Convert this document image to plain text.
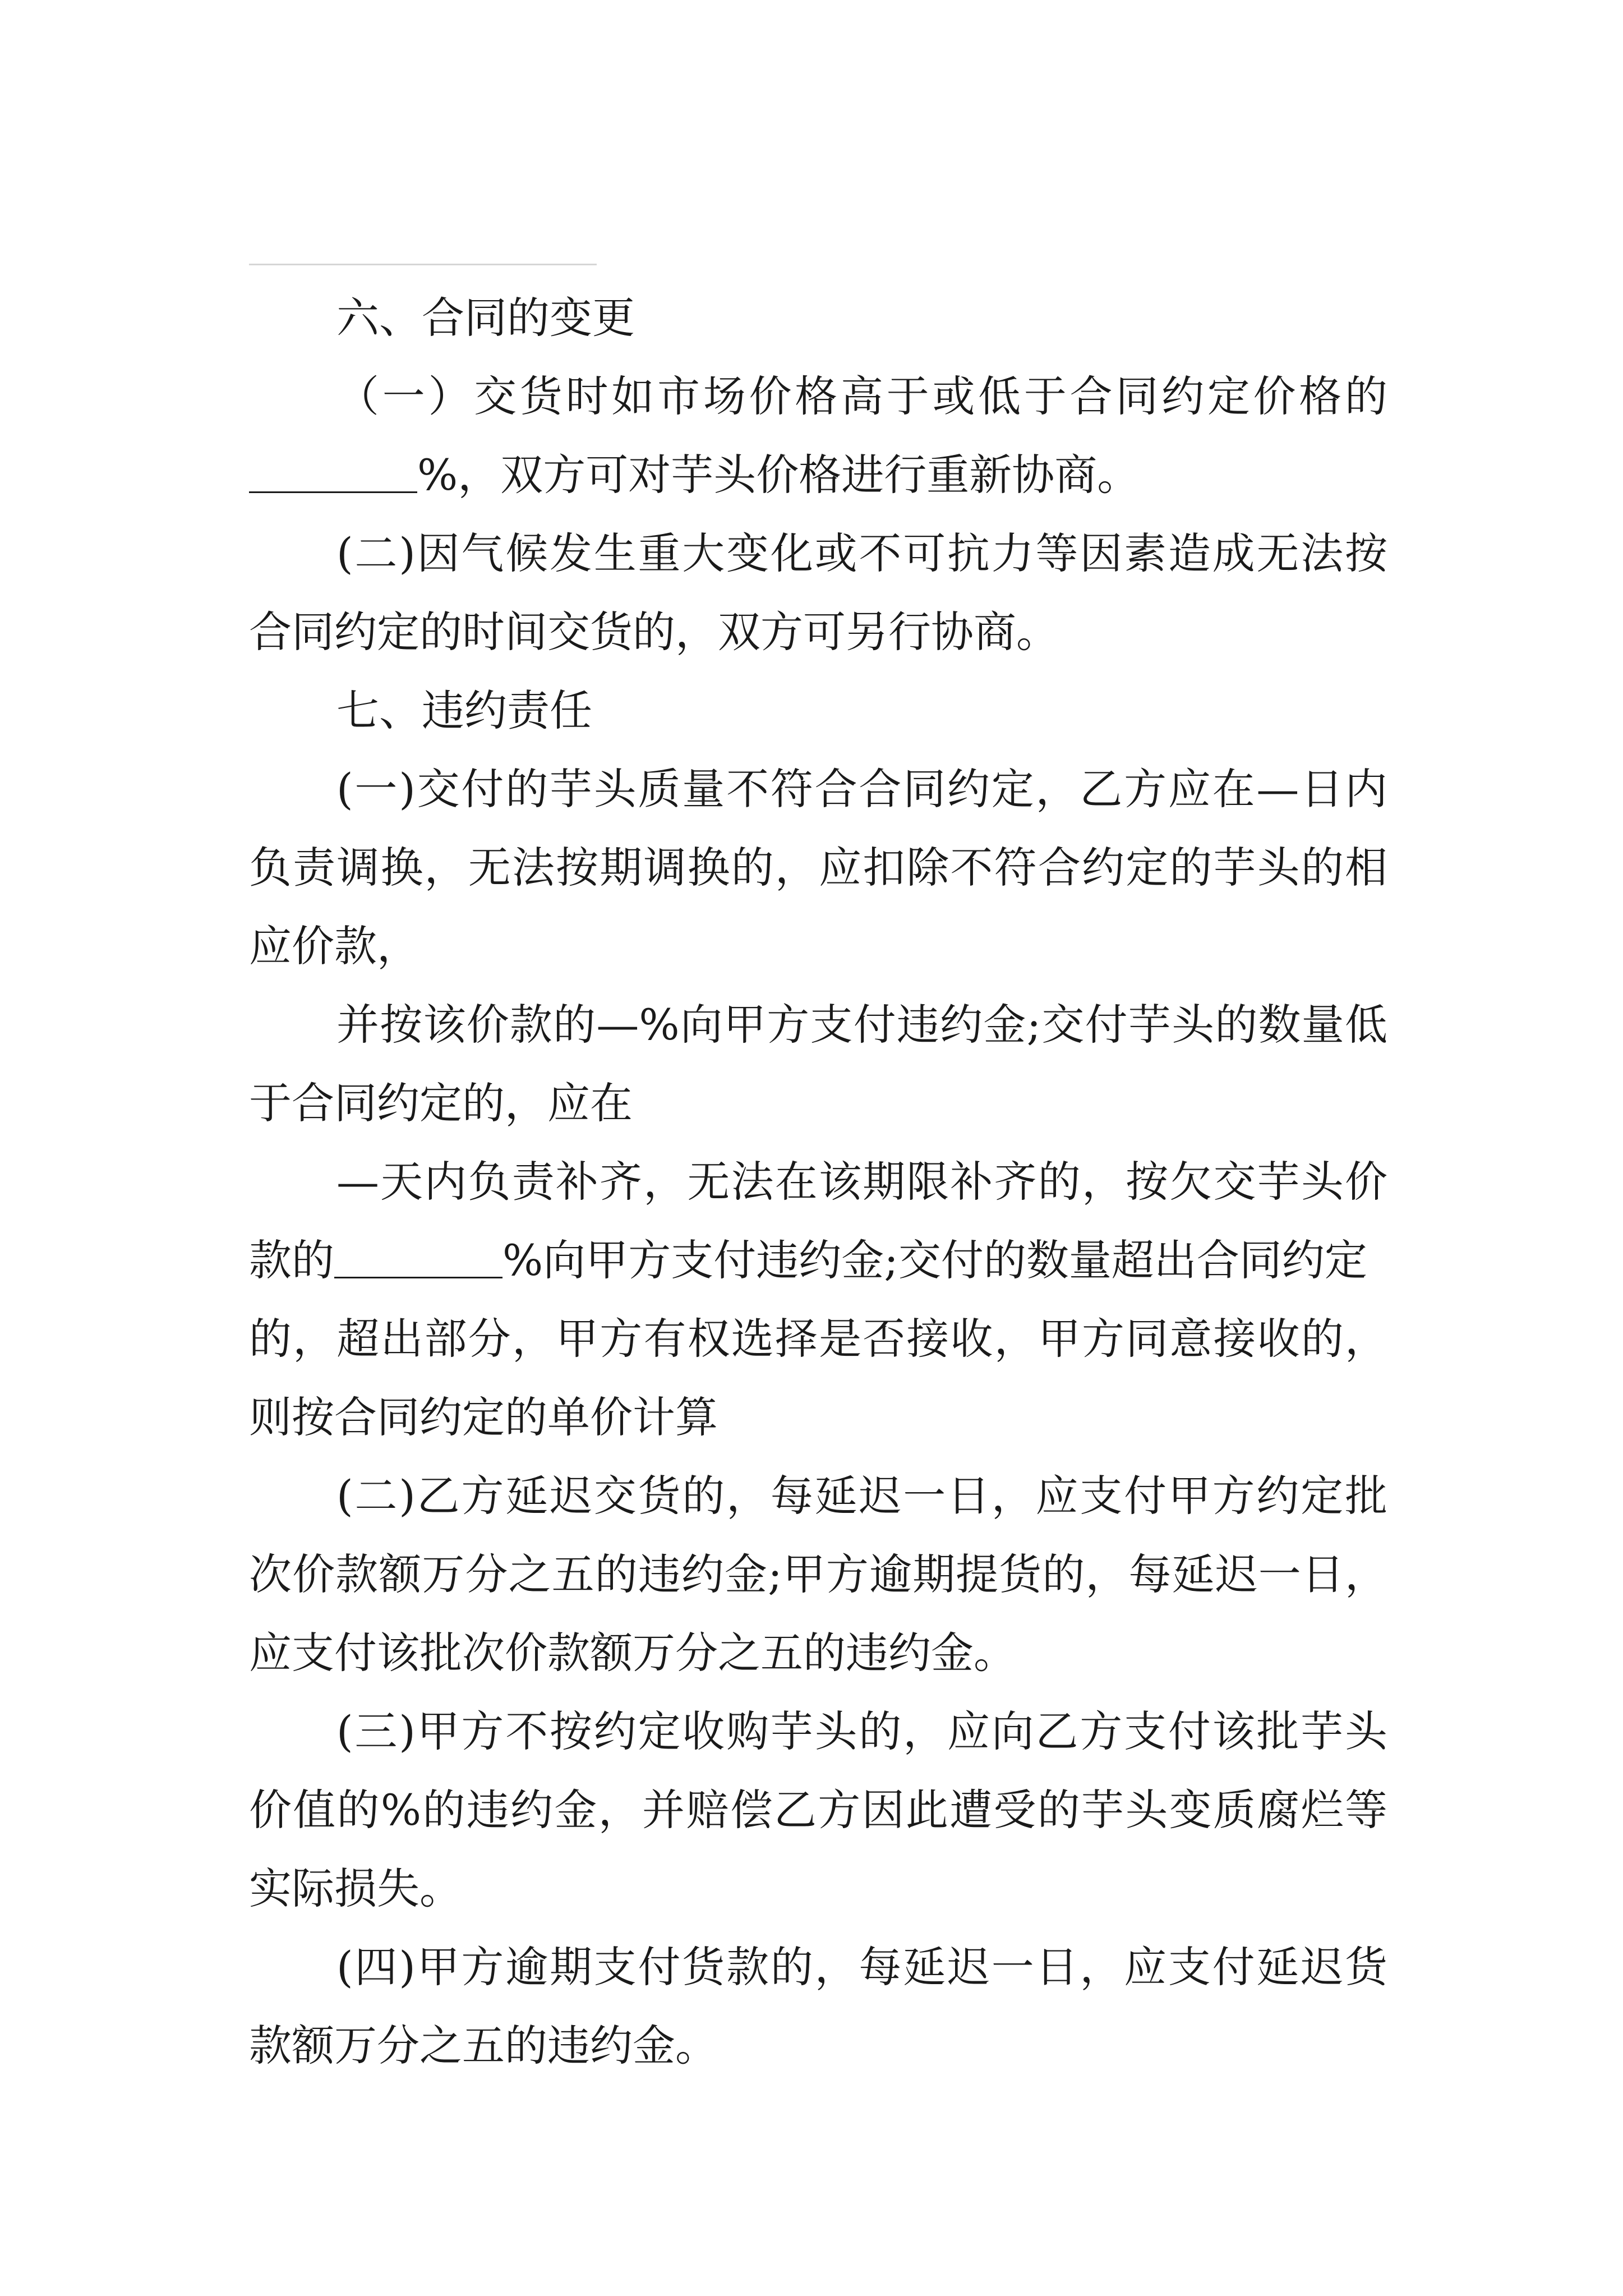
六、合同的变更
（一）交货时如市场价格高于或低于合同约定价格的
%，双方可对芋头价格进行重新协商。
(二)因气候发生重大变化或不可抗力等因素造成无法按
合同约定的时间交货的，双方可另行协商。
七、违约责任
(一)交付的芋头质量不符合合同约定，乙方应在—日内
负责调换，无法按期调换的，应扣除不符合约定的芋头的相
应价款，
并按该价款的—%向甲方支付违约金;交付芋头的数量低
于合同约定的，应在
—天内负责补齐，无法在该期限补齐的，按欠交芋头价
款的	%向甲方支付违约金;交付的数量超出合同约定
的，超出部分，甲方有权选择是否接收，甲方同意接收的，
则按合同约定的单价计算
(二)乙方延迟交货的，每延迟一日，应支付甲方约定批
次价款额万分之五的违约金;甲方逾期提货的，每延迟一日，
应支付该批次价款额万分之五的违约金。
(三)甲方不按约定收购芋头的，应向乙方支付该批芋头
价值的%的违约金，并赔偿乙方因此遭受的芋头变质腐烂等
实际损失。
(四)甲方逾期支付货款的，每延迟一日，应支付延迟货
款额万分之五的违约金。
